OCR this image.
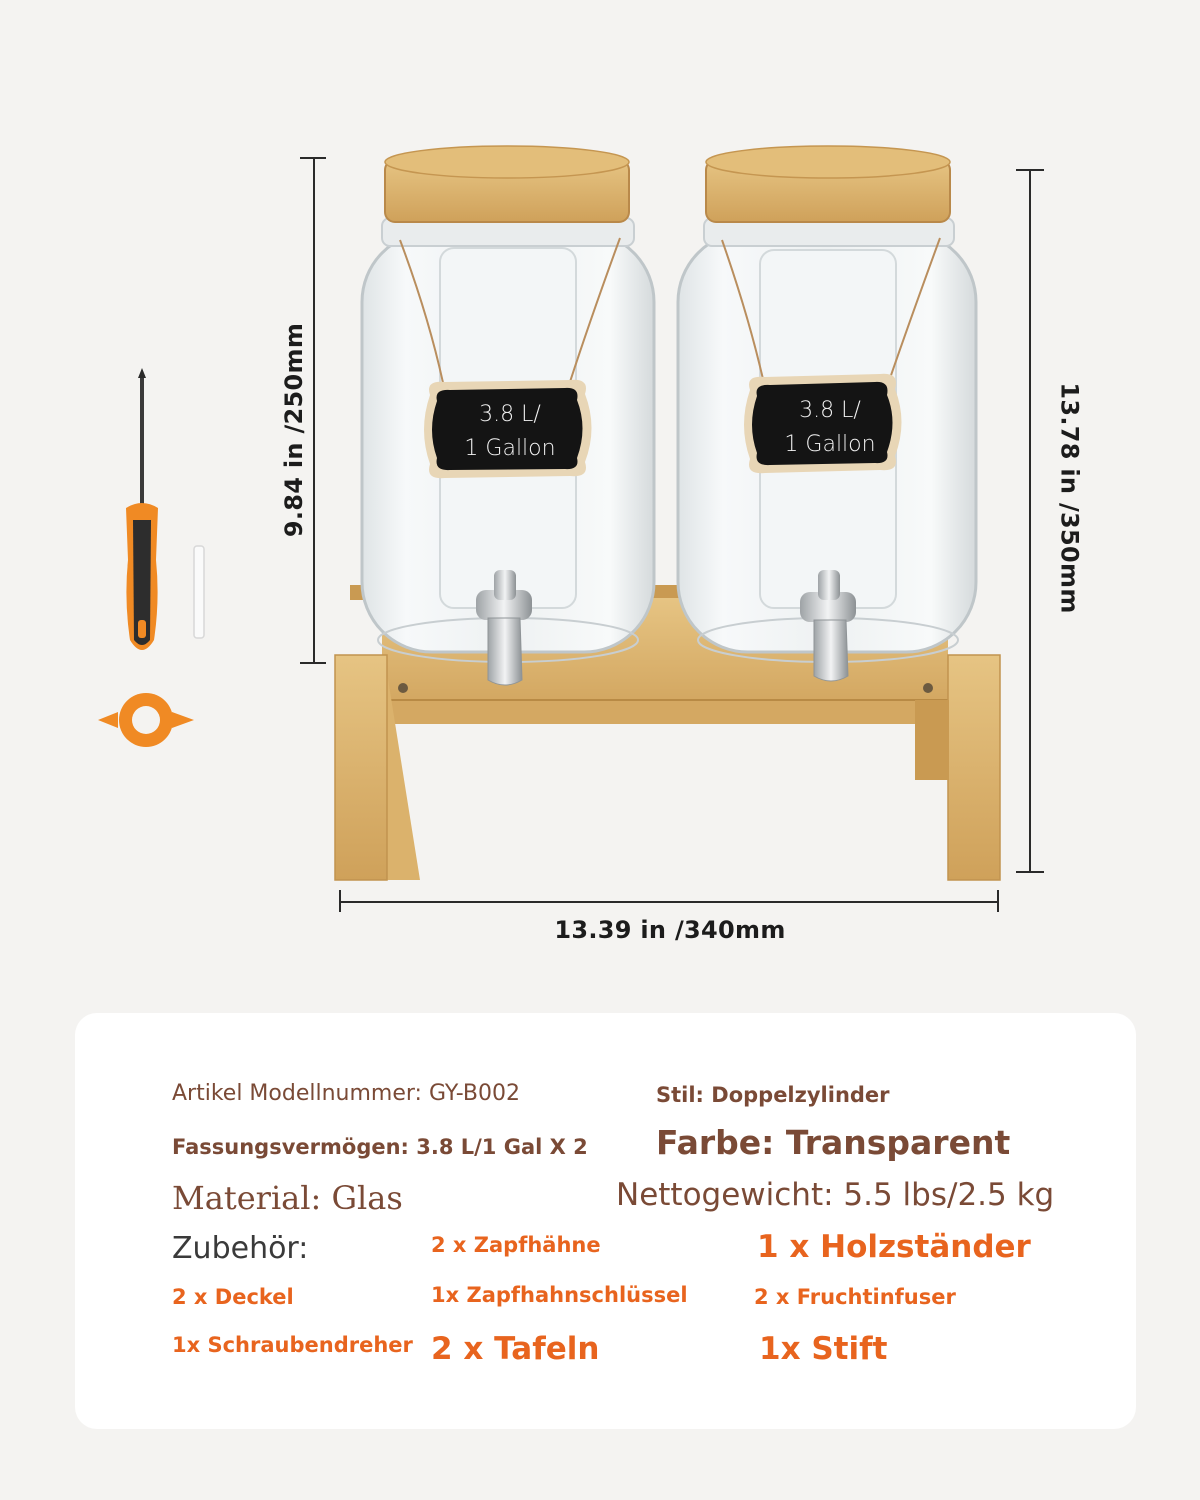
3.8 L/
1 Gallon
3.8 L/
1 Gallon
9.84 in /250mm	13.78 in /350mm
13.39 in /340mm
Artikel Modellnummer: GY-B002	Stil: Doppelzylinder
Fassungsvermögen: 3.8 L/1 Gal X 2 Farbe: Transparent
Material: Glas	Nettogewicht: 5.5 lbs/2.5 kg
Zubehör:	2 x Zapfhähne	1 x Holzständer
2 x Deckel	1x Zapfhahnschlüssel	2 x Fruchtinfuser
1x Schraubendreher 2 x Tafeln	1x Stift
